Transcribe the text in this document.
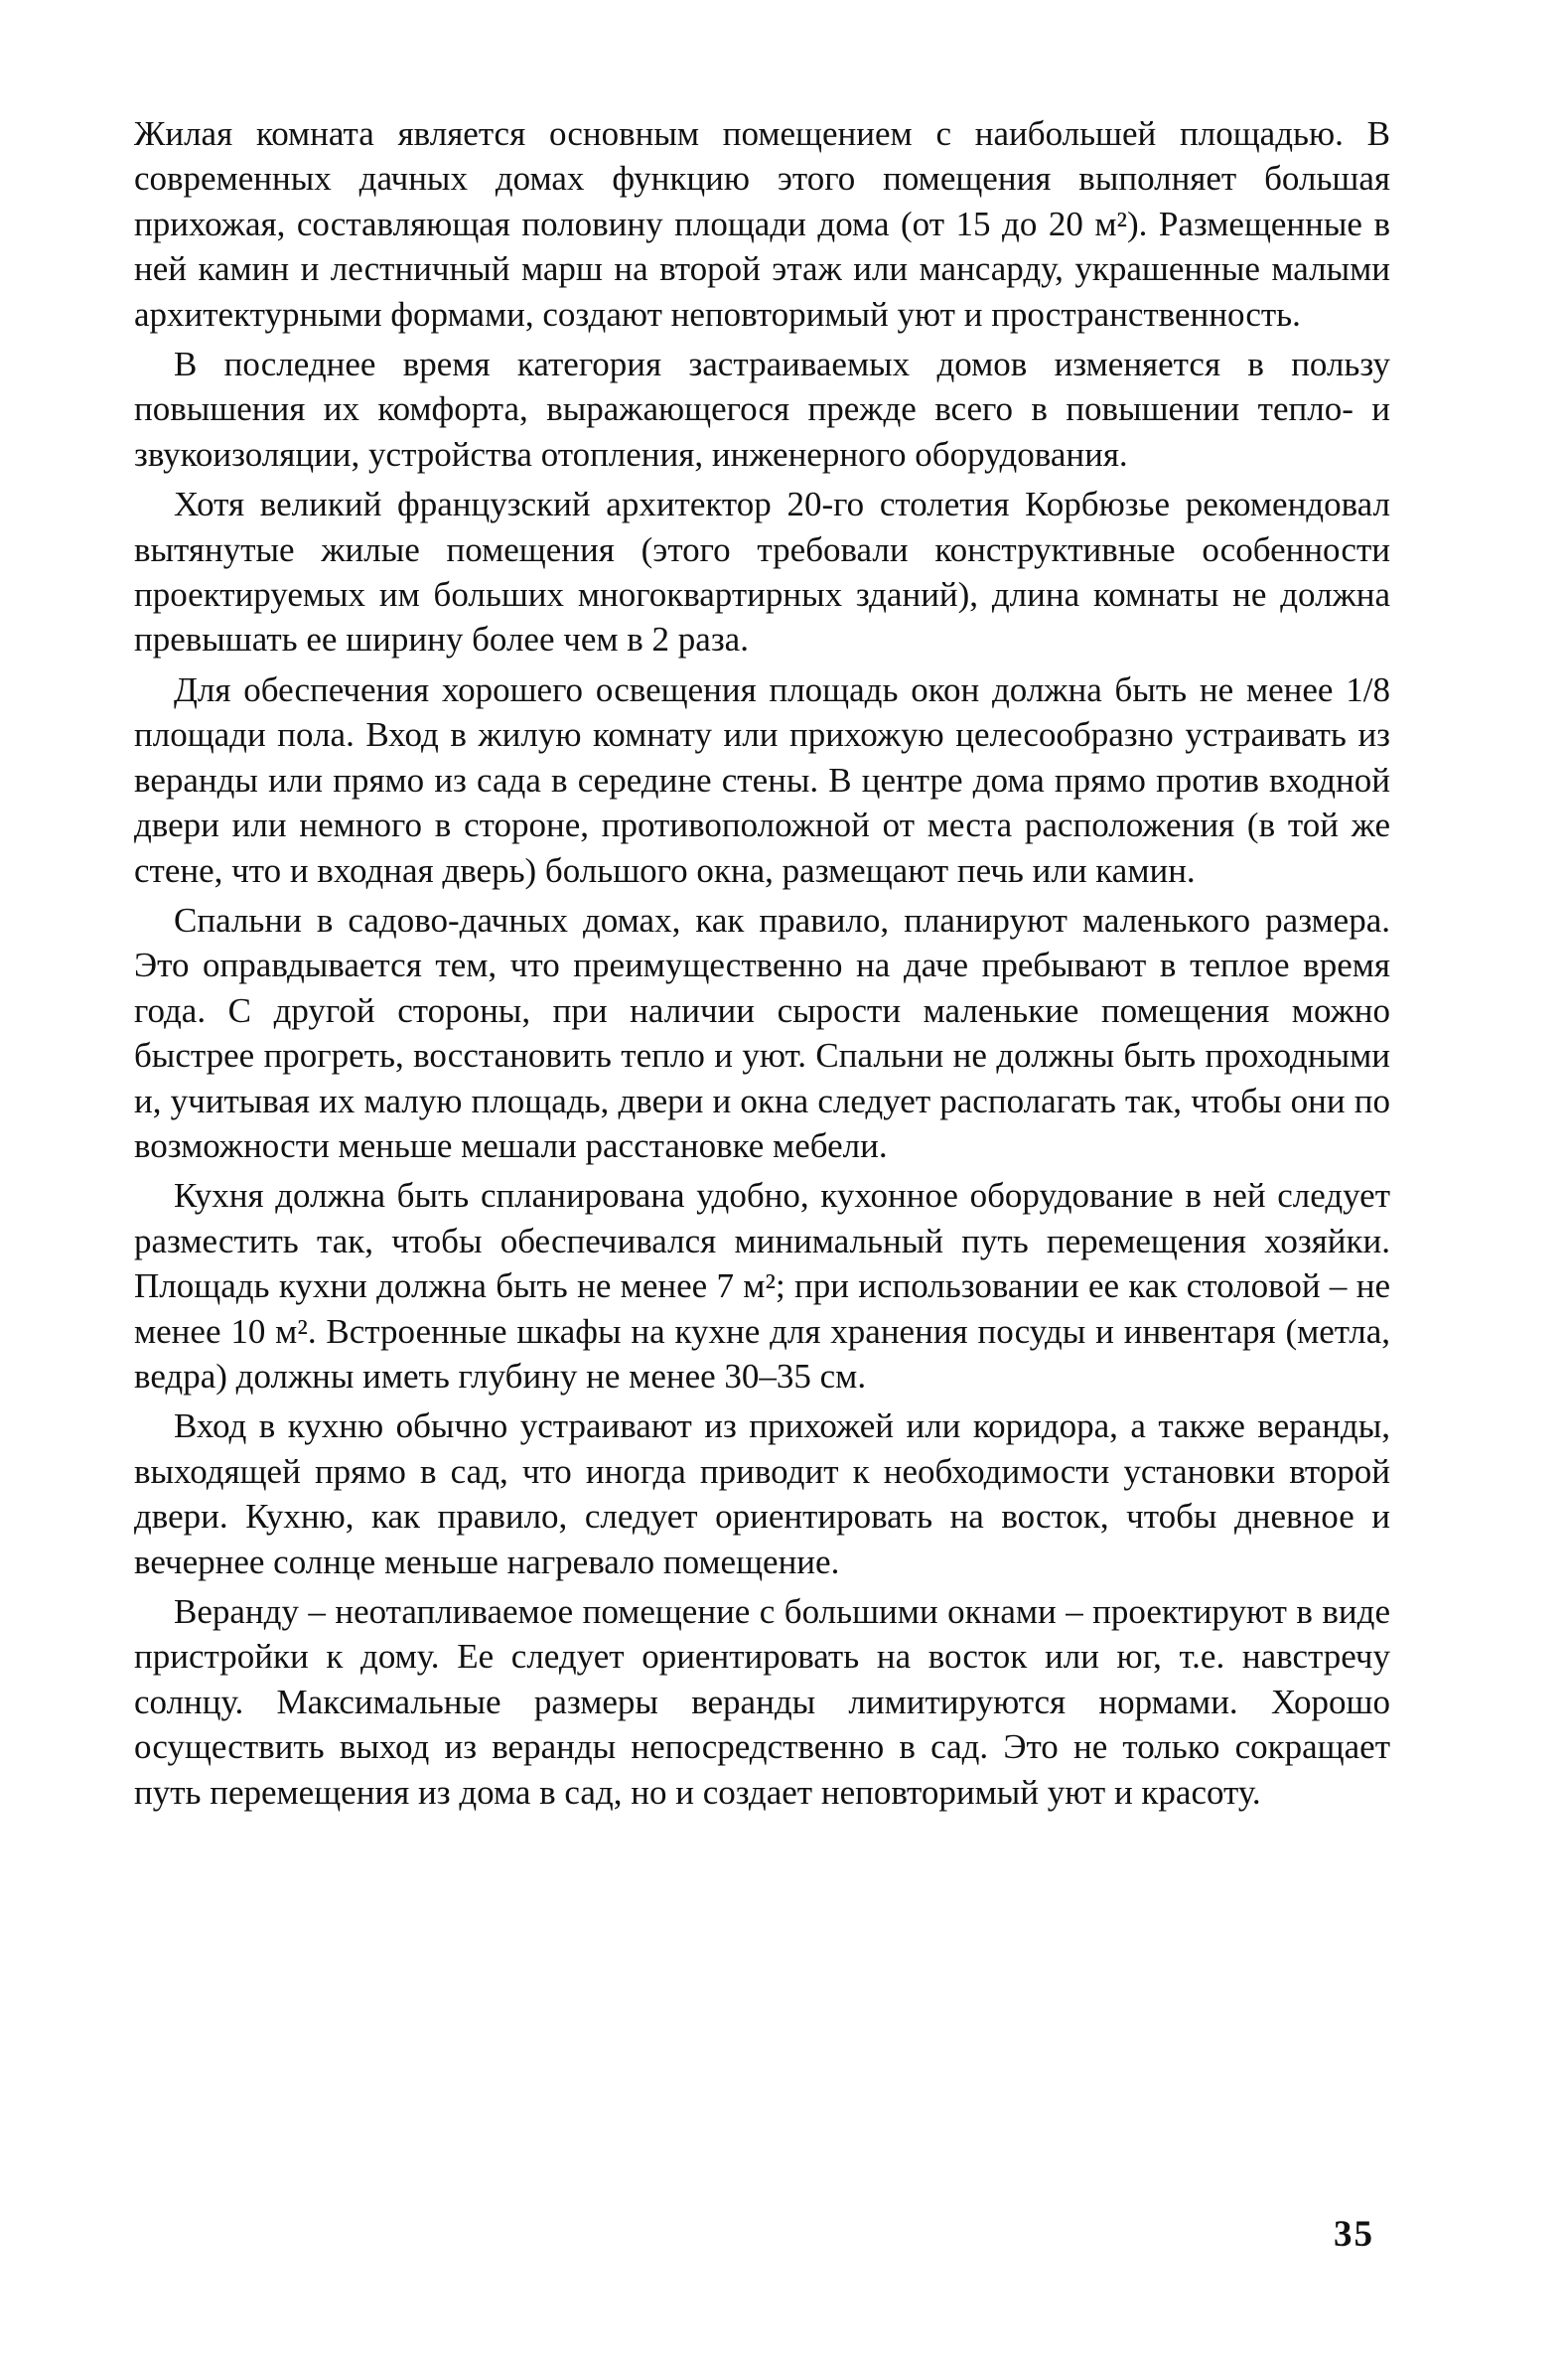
Жилая комната является основным помещением с наибольшей площадью. В современных дачных домах функцию этого помещения выполняет большая прихожая, составляющая половину площади дома (от 15 до 20 м²). Размещенные в ней камин и лестничный марш на второй этаж или мансарду, украшенные малыми архитектурными формами, создают неповторимый уют и пространственность.

В последнее время категория застраиваемых домов изменяется в пользу повышения их комфорта, выражающегося прежде всего в повышении тепло- и звукоизоляции, устройства отопления, инженерного оборудования.

Хотя великий французский архитектор 20-го столетия Корбюзье рекомендовал вытянутые жилые помещения (этого требовали конструктивные особенности проектируемых им больших многоквартирных зданий), длина комнаты не должна превышать ее ширину более чем в 2 раза.

Для обеспечения хорошего освещения площадь окон должна быть не менее 1/8 площади пола. Вход в жилую комнату или прихожую целесообразно устраивать из веранды или прямо из сада в середине стены. В центре дома прямо против входной двери или немного в стороне, противоположной от места расположения (в той же стене, что и входная дверь) большого окна, размещают печь или камин.

Спальни в садово-дачных домах, как правило, планируют маленького размера. Это оправдывается тем, что преимущественно на даче пребывают в теплое время года. С другой стороны, при наличии сырости маленькие помещения можно быстрее прогреть, восстановить тепло и уют. Спальни не должны быть проходными и, учитывая их малую площадь, двери и окна следует располагать так, чтобы они по возможности меньше мешали расстановке мебели.

Кухня должна быть спланирована удобно, кухонное оборудование в ней следует разместить так, чтобы обеспечивался минимальный путь перемещения хозяйки. Площадь кухни должна быть не менее 7 м²; при использовании ее как столовой – не менее 10 м². Встроенные шкафы на кухне для хранения посуды и инвентаря (метла, ведра) должны иметь глубину не менее 30–35 см.

Вход в кухню обычно устраивают из прихожей или коридора, а также веранды, выходящей прямо в сад, что иногда приводит к необходимости установки второй двери. Кухню, как правило, следует ориентировать на восток, чтобы дневное и вечернее солнце меньше нагревало помещение.

Веранду – неотапливаемое помещение с большими окнами – проектируют в виде пристройки к дому. Ее следует ориентировать на восток или юг, т.е. навстречу солнцу. Максимальные размеры веранды лимитируются нормами. Хорошо осуществить выход из веранды непосредственно в сад. Это не только сокращает путь перемещения из дома в сад, но и создает неповторимый уют и красоту.

35
